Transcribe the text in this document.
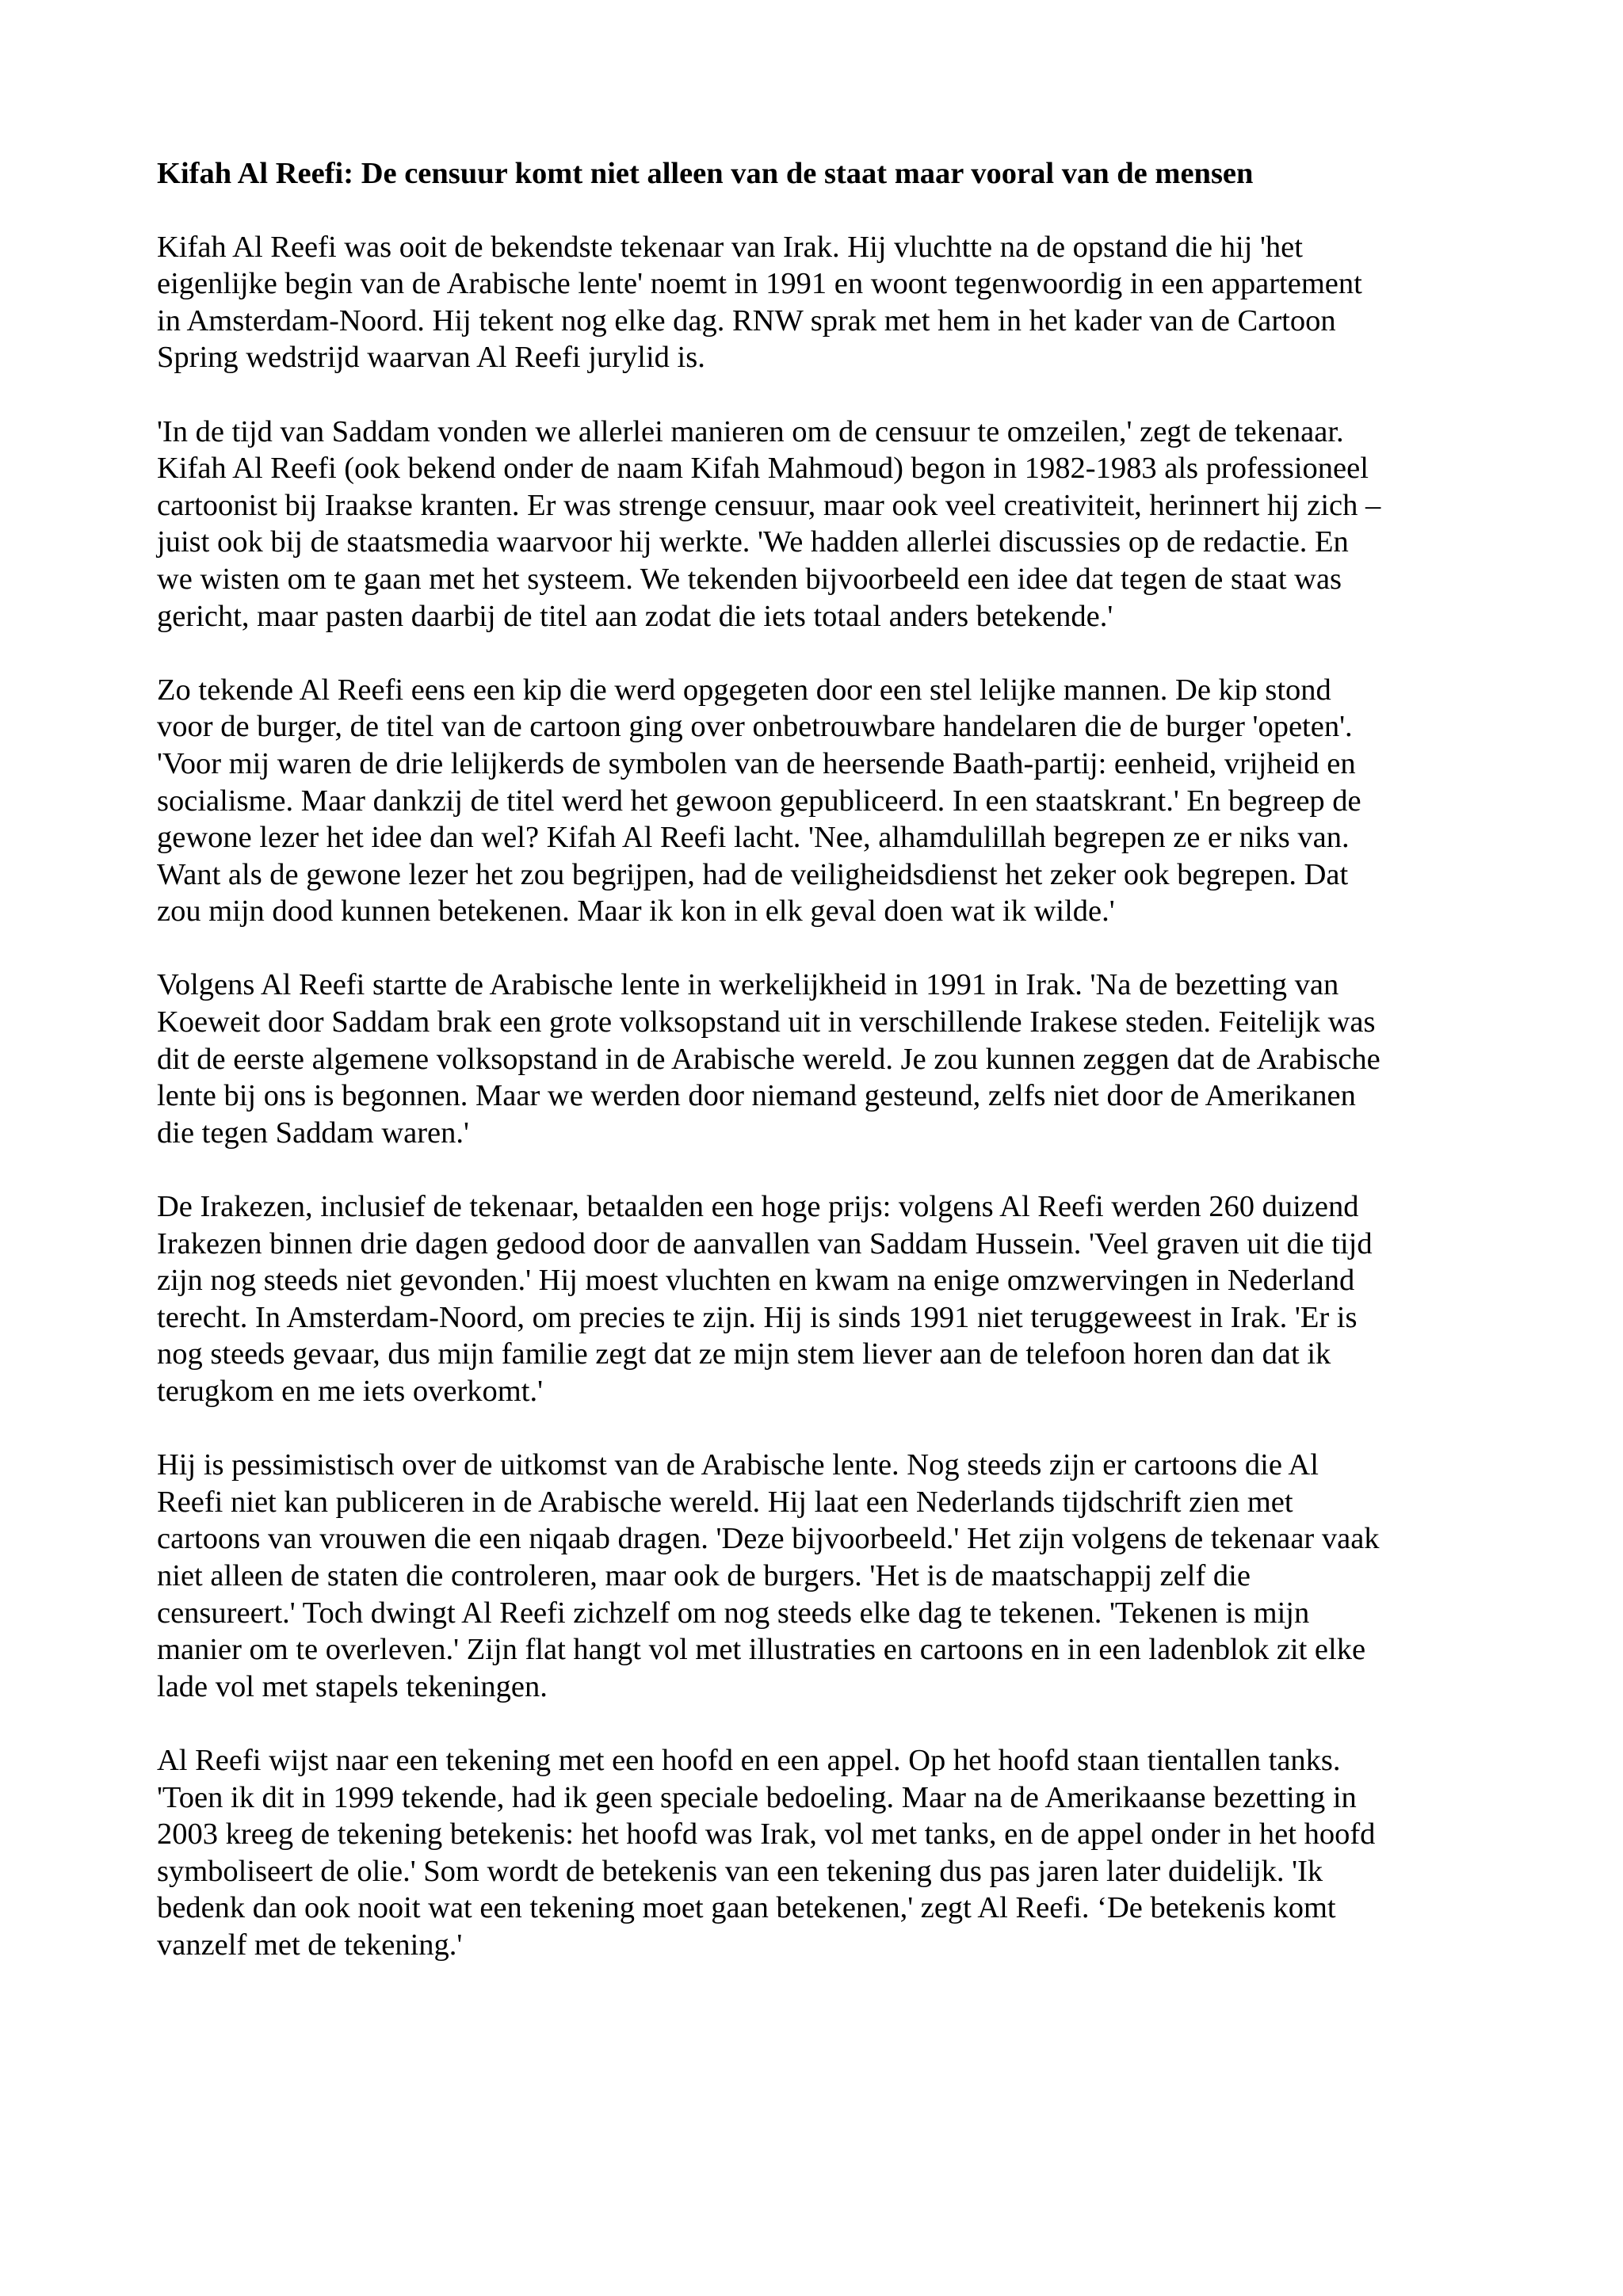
Kifah Al Reefi: De censuur komt niet alleen van de staat maar vooral van de mensen
Kifah Al Reefi was ooit de bekendste tekenaar van Irak. Hij vluchtte na de opstand die hij 'het
eigenlijke begin van de Arabische lente' noemt in 1991 en woont tegenwoordig in een appartement
in Amsterdam-Noord. Hij tekent nog elke dag. RNW sprak met hem in het kader van de Cartoon
Spring wedstrijd waarvan Al Reefi jurylid is.
'In de tijd van Saddam vonden we allerlei manieren om de censuur te omzeilen,' zegt de tekenaar.
Kifah Al Reefi (ook bekend onder de naam Kifah Mahmoud) begon in 1982-1983 als professioneel
cartoonist bij Iraakse kranten. Er was strenge censuur, maar ook veel creativiteit, herinnert hij zich –
juist ook bij de staatsmedia waarvoor hij werkte. 'We hadden allerlei discussies op de redactie. En
we wisten om te gaan met het systeem. We tekenden bijvoorbeeld een idee dat tegen de staat was
gericht, maar pasten daarbij de titel aan zodat die iets totaal anders betekende.'
Zo tekende Al Reefi eens een kip die werd opgegeten door een stel lelijke mannen. De kip stond
voor de burger, de titel van de cartoon ging over onbetrouwbare handelaren die de burger 'opeten'.
'Voor mij waren de drie lelijkerds de symbolen van de heersende Baath-partij: eenheid, vrijheid en
socialisme. Maar dankzij de titel werd het gewoon gepubliceerd. In een staatskrant.' En begreep de
gewone lezer het idee dan wel? Kifah Al Reefi lacht. 'Nee, alhamdulillah begrepen ze er niks van.
Want als de gewone lezer het zou begrijpen, had de veiligheidsdienst het zeker ook begrepen. Dat
zou mijn dood kunnen betekenen. Maar ik kon in elk geval doen wat ik wilde.'
Volgens Al Reefi startte de Arabische lente in werkelijkheid in 1991 in Irak. 'Na de bezetting van
Koeweit door Saddam brak een grote volksopstand uit in verschillende Irakese steden. Feitelijk was
dit de eerste algemene volksopstand in de Arabische wereld. Je zou kunnen zeggen dat de Arabische
lente bij ons is begonnen. Maar we werden door niemand gesteund, zelfs niet door de Amerikanen
die tegen Saddam waren.'
De Irakezen, inclusief de tekenaar, betaalden een hoge prijs: volgens Al Reefi werden 260 duizend
Irakezen binnen drie dagen gedood door de aanvallen van Saddam Hussein. 'Veel graven uit die tijd
zijn nog steeds niet gevonden.' Hij moest vluchten en kwam na enige omzwervingen in Nederland
terecht. In Amsterdam-Noord, om precies te zijn. Hij is sinds 1991 niet teruggeweest in Irak. 'Er is
nog steeds gevaar, dus mijn familie zegt dat ze mijn stem liever aan de telefoon horen dan dat ik
terugkom en me iets overkomt.'
Hij is pessimistisch over de uitkomst van de Arabische lente. Nog steeds zijn er cartoons die Al
Reefi niet kan publiceren in de Arabische wereld. Hij laat een Nederlands tijdschrift zien met
cartoons van vrouwen die een niqaab dragen. 'Deze bijvoorbeeld.' Het zijn volgens de tekenaar vaak
niet alleen de staten die controleren, maar ook de burgers. 'Het is de maatschappij zelf die
censureert.' Toch dwingt Al Reefi zichzelf om nog steeds elke dag te tekenen. 'Tekenen is mijn
manier om te overleven.' Zijn flat hangt vol met illustraties en cartoons en in een ladenblok zit elke
lade vol met stapels tekeningen.
Al Reefi wijst naar een tekening met een hoofd en een appel. Op het hoofd staan tientallen tanks.
'Toen ik dit in 1999 tekende, had ik geen speciale bedoeling. Maar na de Amerikaanse bezetting in
2003 kreeg de tekening betekenis: het hoofd was Irak, vol met tanks, en de appel onder in het hoofd
symboliseert de olie.' Som wordt de betekenis van een tekening dus pas jaren later duidelijk. 'Ik
bedenk dan ook nooit wat een tekening moet gaan betekenen,' zegt Al Reefi. ‘De betekenis komt
vanzelf met de tekening.'
